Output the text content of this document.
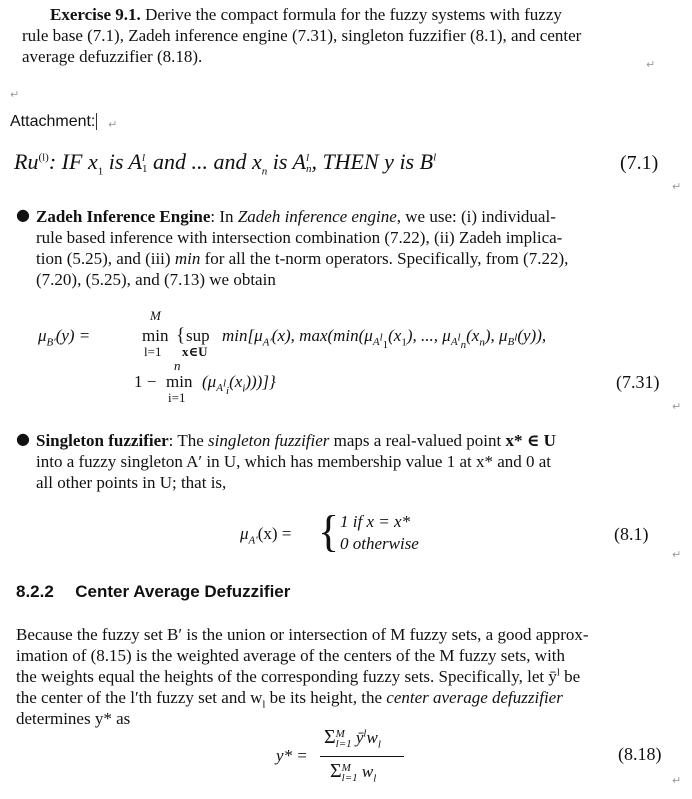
Exercise 9.1. Derive the compact formula for the fuzzy systems with fuzzy
rule base (7.1), Zadeh inference engine (7.31), singleton fuzzifier (8.1), and center
average defuzzifier (8.18).	↵
↵
Attachment: ↵
Ru$^{(l)}$: IF $x_1$ is A l
1 and ... and $x_n$ is A l
n , THEN y is $B^l$	(7.1)
↵
● Zadeh Inference Engine: In Zadeh inference engine, we use: (i) individual-
rule based inference with intersection combination (7.22), (ii) Zadeh implica-
tion (5.25), and (iii) min for all the t-norm operators. Specifically, from (7.22),
(7.20), (5.25), and (7.13) we obtain
$\mu_{B'}(y)$ =
M
min
l=1
{ sup
x∈U
$\min[\mu_{A'}(x)$, $\max(\min(\mu_{A^l_1}(x_1)$, ..., $\mu_{A^l_n}(x_n)$, $\mu_{B^l}(y)$),
1 −
n
min
i=1
$(\mu_{A^l_i}(x_i))$)]}	(7.31)
↵
● Singleton fuzzifier: The singleton fuzzifier maps a real-valued point x* ∈ U
into a fuzzy singleton A′ in U, which has membership value 1 at x* and 0 at
all other points in U; that is,
$\mu_{A'}(x)$ = { 1 if x = x*
0 otherwise	(8.1)
↵
8.2.2 Center Average Defuzzifier
Because the fuzzy set B′ is the union or intersection of M fuzzy sets, a good approx-
imation of (8.15) is the weighted average of the centers of the M fuzzy sets, with
the weights equal the heights of the corresponding fuzzy sets. Specifically, let $ȳ^l$ be
the center of the l′th fuzzy set and $w_l$ be its height, the center average defuzzifier
determines y* as
y* =
Σ M
l=1 $ȳ^lw_l$
Σ M
l=1 $w_l$
(8.18)
↵
